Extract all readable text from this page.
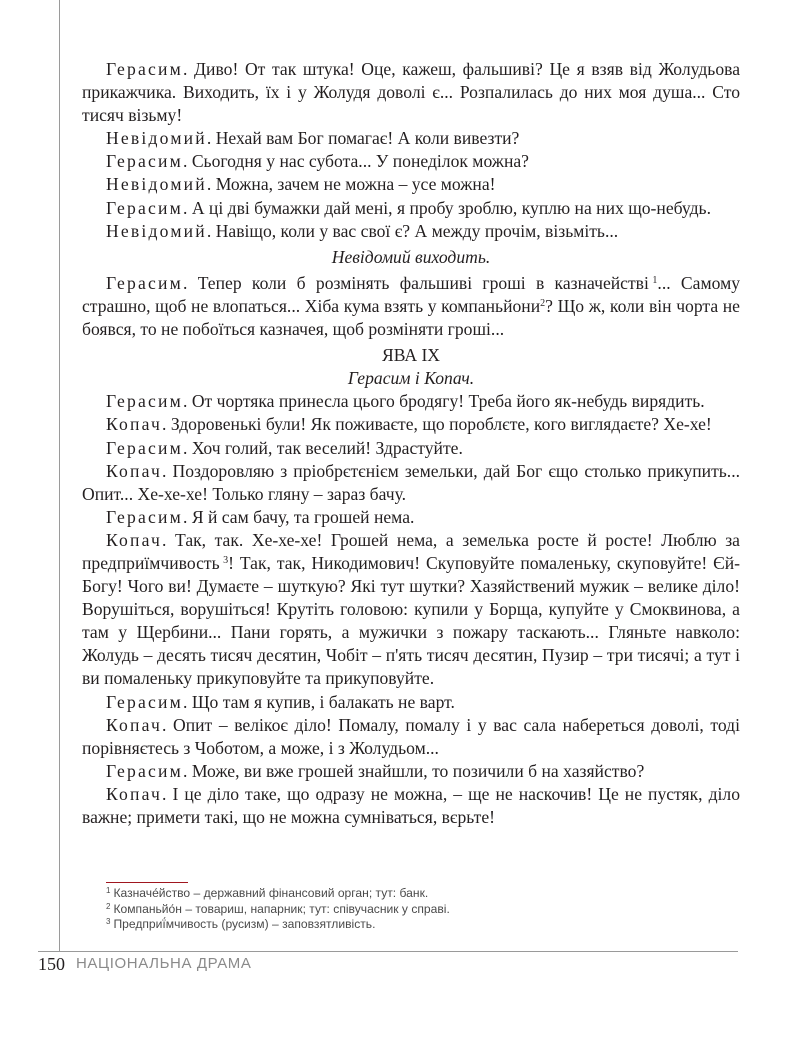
Герасим. Диво! От так штука! Оце, кажеш, фальшиві? Це я взяв від Жолудьова прикажчика. Виходить, їх і у Жолудя доволі є... Розпалилась до них моя душа... Сто тисяч візьму!

Невідомий. Нехай вам Бог помагає! А коли вивезти?

Герасим. Сьогодня у нас субота... У понеділок можна?

Невідомий. Можна, зачем не можна – усе можна!

Герасим. А ці дві бумажки дай мені, я пробу зроблю, куплю на них що-небудь.

Невідомий. Навіщо, коли у вас свої є? А между прочім, візьміть...

Невідомий виходить.

Герасим. Тепер коли б розмінять фальшиві гроші в казначействі  $^1$... Самому страшно, щоб не влопаться... Хіба кума взять у компаньйони$^2$? Що ж, коли він чорта не боявся, то не побоїться казначея, щоб розміняти гроші...

ЯВА IX

Герасим і Копач.

Герасим. От чортяка принесла цього бродягу! Треба його як-небудь вирядить.

Копач. Здоровенькі були! Як поживаєте, що пороблєте, кого виглядаєте? Хе-хе!

Герасим. Хоч голий, так веселий! Здрастуйте.

Копач. Поздоровляю з пріобрєтєнієм земельки, дай Бог єщо столько прикупить... Опит... Хе-хе-хе! Только гляну – зараз бачу.

Герасим. Я й сам бачу, та грошей нема.

Копач. Так, так. Хе-хе-хе! Грошей нема, а земелька росте й росте! Люблю за предприїмчивость  $^3$! Так, так, Никодимович! Скуповуйте помаленьку, скуповуйте! Єй-Богу! Чого ви! Думаєте – шуткую? Які тут шутки? Хазяйствений мужик – велике діло! Ворушіться, ворушіться! Крутіть головою: купили у Борща, купуйте у Смоквинова, а там у Щербини... Пани горять, а мужички з пожару таскають... Гляньте навколо: Жолудь – десять тисяч десятин, Чобіт – п'ять тисяч десятин, Пузир – три тисячі; а тут і ви помаленьку прикуповуйте та прикуповуйте.

Герасим. Що там я купив, і балакать не варт.

Копач. Опит – велікоє діло! Помалу, помалу і у вас сала набереться доволі, тоді порівняєтесь з Чоботом, а може, і з Жолудьом...

Герасим. Може, ви вже грошей знайшли, то позичили б на хазяйство?

Копач. І це діло таке, що одразу не можна, – ще не наскочив! Це не пустяк, діло важне; примети такі, що не можна сумніваться, вєрьте!

$^1$ Казначе́йство – державний фінансовий орган; тут: банк.
$^2$ Компаньйо́н – товариш, напарник; тут: співучасник у справі.
$^3$ Предприї́мчивость (русизм) – заповзятливість.
150 НАЦІОНАЛЬНА ДРАМА
